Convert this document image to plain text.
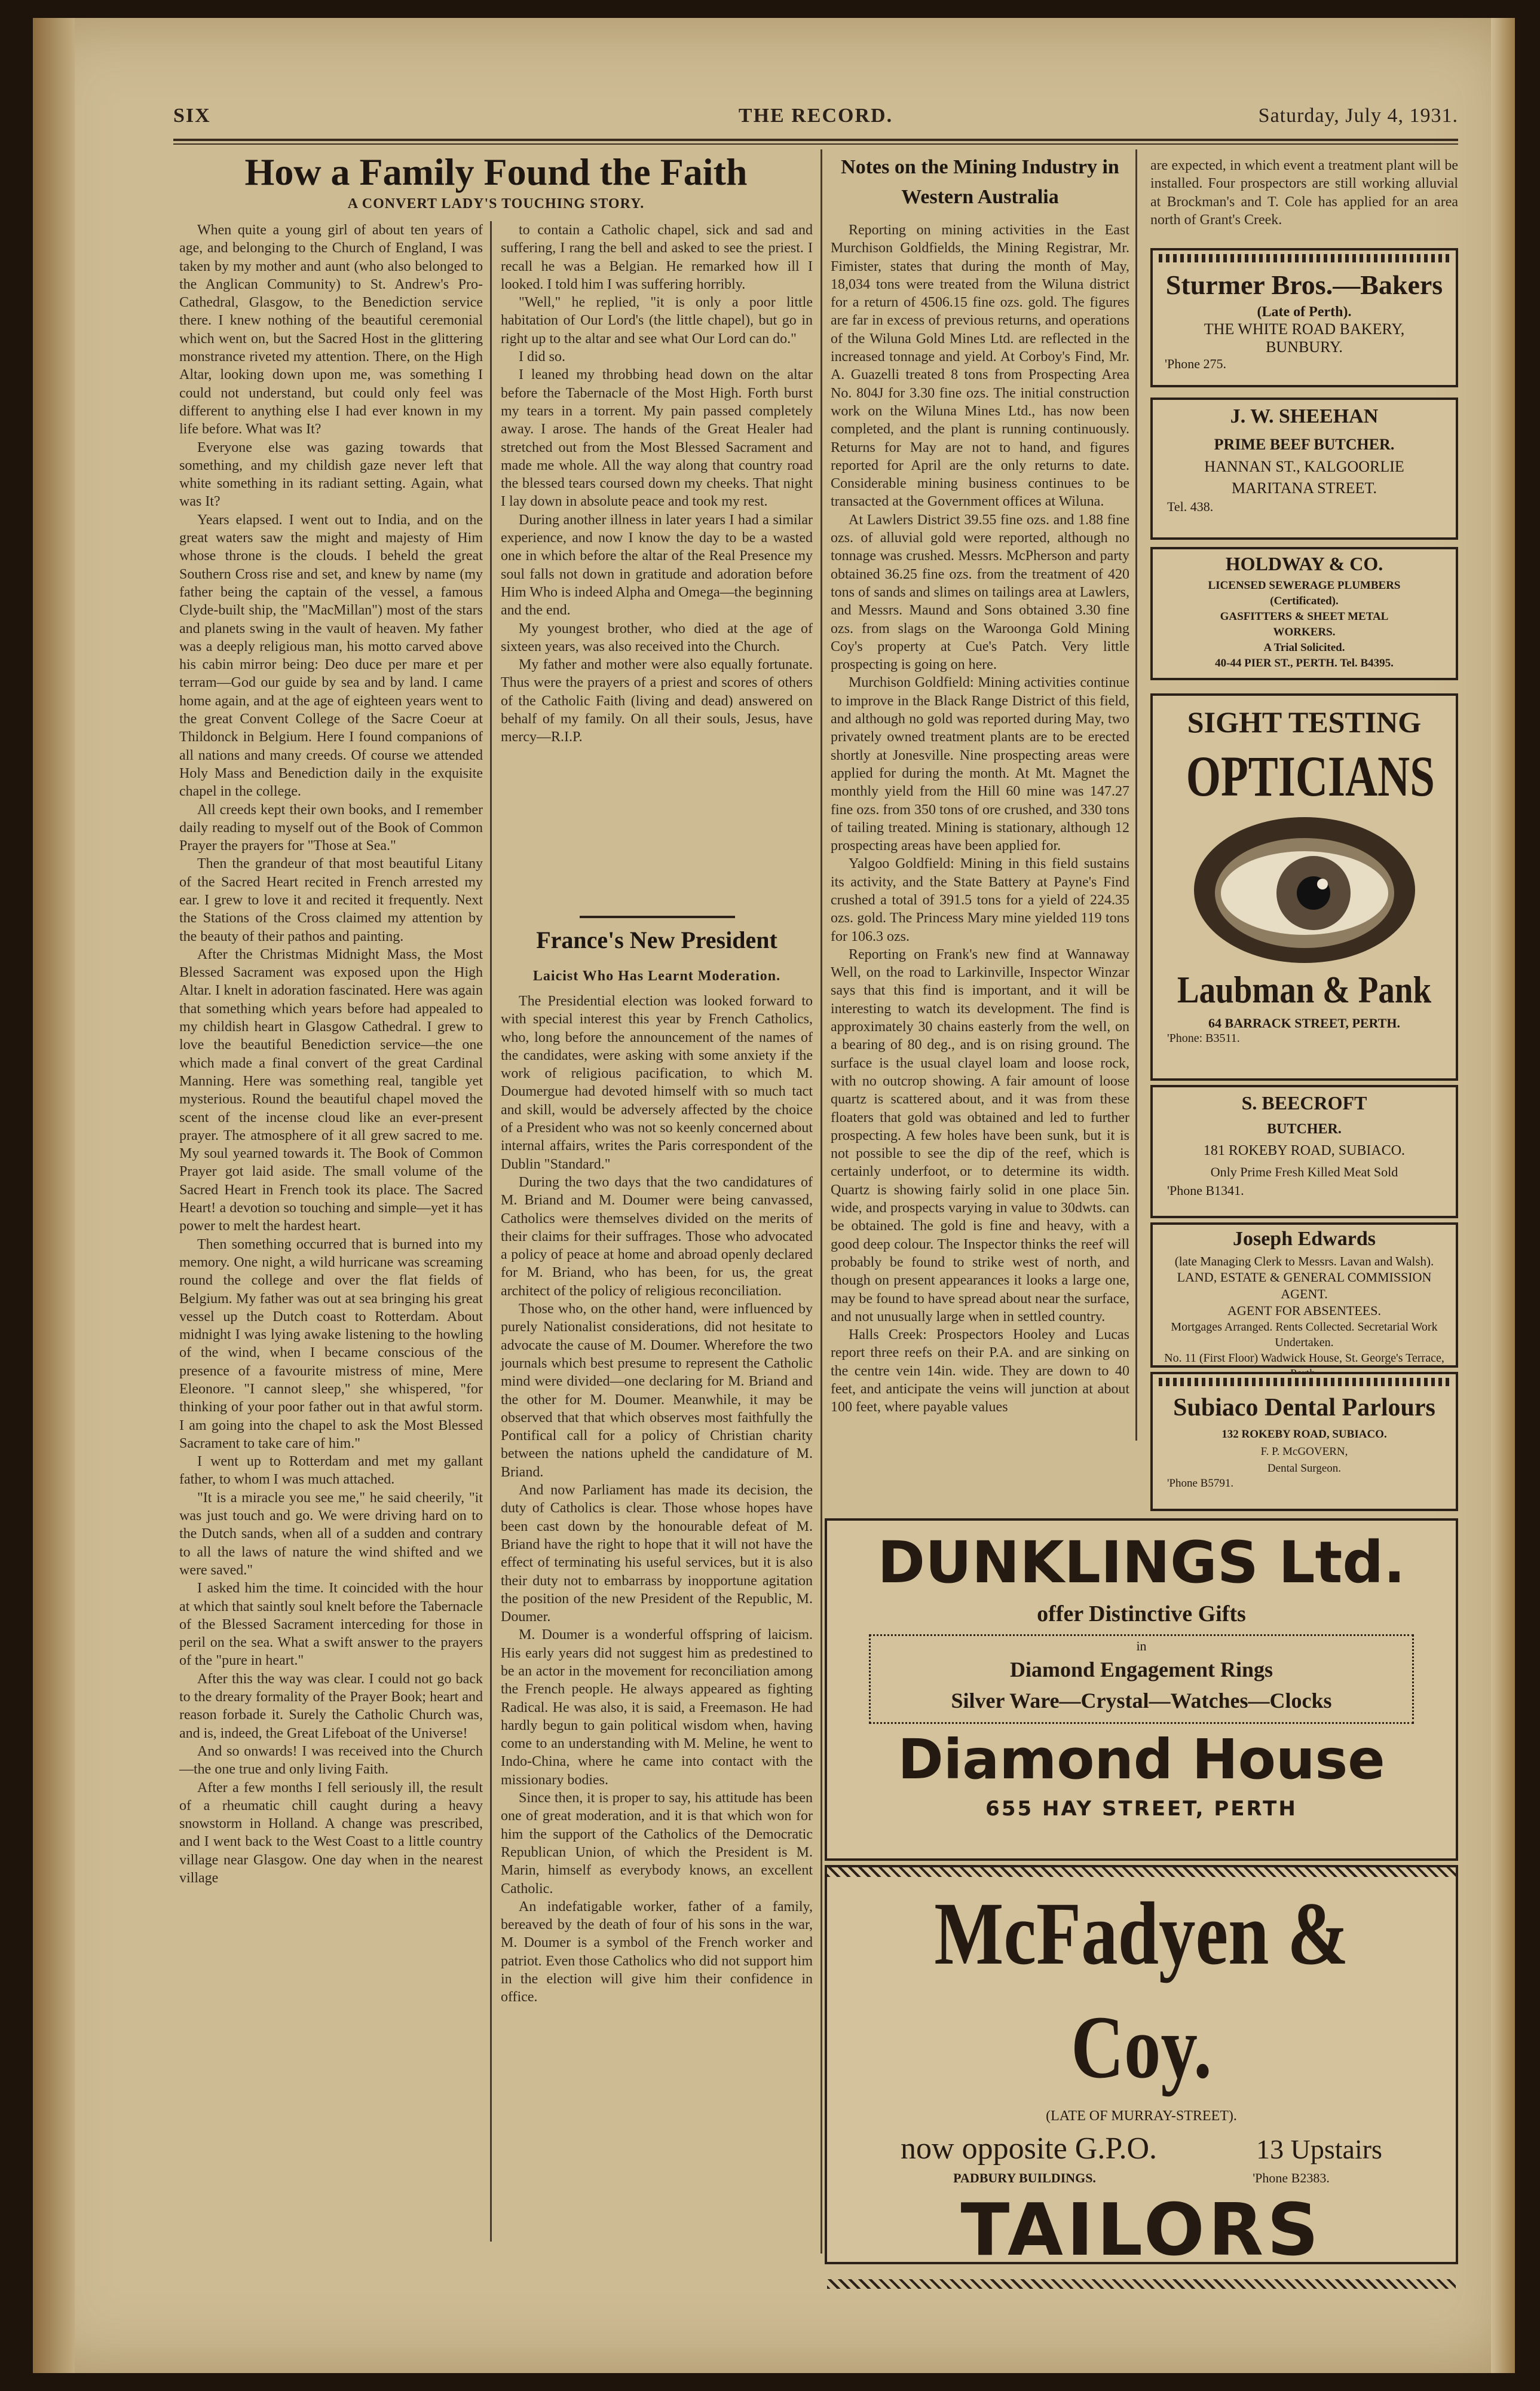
SIX	THE RECORD.	Saturday, July 4, 1931.
How a Family Found the Faith
A CONVERT LADY'S TOUCHING STORY.

When quite a young girl of about ten years of age, and belonging to the Church of England, I was taken by my mother and aunt (who also belonged to the Anglican Community) to St. Andrew's Pro-Cathedral, Glasgow, to the Benediction service there. I knew nothing of the beautiful ceremonial which went on, but the Sacred Host in the glittering monstrance riveted my attention. There, on the High Altar, looking down upon me, was something I could not understand, but could only feel was different to anything else I had ever known in my life before. What was It?

Everyone else was gazing towards that something, and my childish gaze never left that white something in its radiant setting. Again, what was It?

Years elapsed. I went out to India, and on the great waters saw the might and majesty of Him whose throne is the clouds. I beheld the great Southern Cross rise and set, and knew by name (my father being the captain of the vessel, a famous Clyde-built ship, the "MacMillan") most of the stars and planets swing in the vault of heaven. My father was a deeply religious man, his motto carved above his cabin mirror being: Deo duce per mare et per terram—God our guide by sea and by land. I came home again, and at the age of eighteen years went to the great Convent College of the Sacre Coeur at Thildonck in Belgium. Here I found companions of all nations and many creeds. Of course we attended Holy Mass and Benediction daily in the exquisite chapel in the college.

All creeds kept their own books, and I remember daily reading to myself out of the Book of Common Prayer the prayers for "Those at Sea."

Then the grandeur of that most beautiful Litany of the Sacred Heart recited in French arrested my ear. I grew to love it and recited it frequently. Next the Stations of the Cross claimed my attention by the beauty of their pathos and painting.

After the Christmas Midnight Mass, the Most Blessed Sacrament was exposed upon the High Altar. I knelt in adoration fascinated. Here was again that something which years before had appealed to my childish heart in Glasgow Cathedral. I grew to love the beautiful Benediction service—the one which made a final convert of the great Cardinal Manning. Here was something real, tangible yet mysterious. Round the beautiful chapel moved the scent of the incense cloud like an ever-present prayer. The atmosphere of it all grew sacred to me. My soul yearned towards it. The Book of Common Prayer got laid aside. The small volume of the Sacred Heart in French took its place. The Sacred Heart! a devotion so touching and simple—yet it has power to melt the hardest heart.

Then something occurred that is burned into my memory. One night, a wild hurricane was screaming round the college and over the flat fields of Belgium. My father was out at sea bringing his great vessel up the Dutch coast to Rotterdam. About midnight I was lying awake listening to the howling of the wind, when I became conscious of the presence of a favourite mistress of mine, Mere Eleonore. "I cannot sleep," she whispered, "for thinking of your poor father out in that awful storm. I am going into the chapel to ask the Most Blessed Sacrament to take care of him."

I went up to Rotterdam and met my gallant father, to whom I was much attached.

"It is a miracle you see me," he said cheerily, "it was just touch and go. We were driving hard on to the Dutch sands, when all of a sudden and contrary to all the laws of nature the wind shifted and we were saved."

I asked him the time. It coincided with the hour at which that saintly soul knelt before the Tabernacle of the Blessed Sacrament interceding for those in peril on the sea. What a swift answer to the prayers of the "pure in heart."

After this the way was clear. I could not go back to the dreary formality of the Prayer Book; heart and reason forbade it. Surely the Catholic Church was, and is, indeed, the Great Lifeboat of the Universe!

And so onwards! I was received into the Church—the one true and only living Faith.

After a few months I fell seriously ill, the result of a rheumatic chill caught during a heavy snowstorm in Holland. A change was prescribed, and I went back to the West Coast to a little country village near Glasgow. One day when in the nearest village

to contain a Catholic chapel, sick and sad and suffering, I rang the bell and asked to see the priest. I recall he was a Belgian. He remarked how ill I looked. I told him I was suffering horribly.

"Well," he replied, "it is only a poor little habitation of Our Lord's (the little chapel), but go in right up to the altar and see what Our Lord can do."

I did so.

I leaned my throbbing head down on the altar before the Tabernacle of the Most High. Forth burst my tears in a torrent. My pain passed completely away. I arose. The hands of the Great Healer had stretched out from the Most Blessed Sacrament and made me whole. All the way along that country road the blessed tears coursed down my cheeks. That night I lay down in absolute peace and took my rest.

During another illness in later years I had a similar experience, and now I know the day to be a wasted one in which before the altar of the Real Presence my soul falls not down in gratitude and adoration before Him Who is indeed Alpha and Omega—the beginning and the end.

My youngest brother, who died at the age of sixteen years, was also received into the Church.

My father and mother were also equally fortunate. Thus were the prayers of a priest and scores of others of the Catholic Faith (living and dead) answered on behalf of my family. On all their souls, Jesus, have mercy—R.I.P.

France's New President
Laicist Who Has Learnt Moderation.

The Presidential election was looked forward to with special interest this year by French Catholics, who, long before the announcement of the names of the candidates, were asking with some anxiety if the work of religious pacification, to which M. Doumergue had devoted himself with so much tact and skill, would be adversely affected by the choice of a President who was not so keenly concerned about internal affairs, writes the Paris correspondent of the Dublin "Standard."

During the two days that the two candidatures of M. Briand and M. Doumer were being canvassed, Catholics were themselves divided on the merits of their claims for their suffrages. Those who advocated a policy of peace at home and abroad openly declared for M. Briand, who has been, for us, the great architect of the policy of religious reconciliation.

Those who, on the other hand, were influenced by purely Nationalist considerations, did not hesitate to advocate the cause of M. Doumer. Wherefore the two journals which best presume to represent the Catholic mind were divided—one declaring for M. Briand and the other for M. Doumer. Meanwhile, it may be observed that that which observes most faithfully the Pontifical call for a policy of Christian charity between the nations upheld the candidature of M. Briand.

And now Parliament has made its decision, the duty of Catholics is clear. Those whose hopes have been cast down by the honourable defeat of M. Briand have the right to hope that it will not have the effect of terminating his useful services, but it is also their duty not to embarrass by inopportune agitation the position of the new President of the Republic, M. Doumer.

M. Doumer is a wonderful offspring of laicism. His early years did not suggest him as predestined to be an actor in the movement for reconciliation among the French people. He always appeared as fighting Radical. He was also, it is said, a Freemason. He had hardly begun to gain political wisdom when, having come to an understanding with M. Meline, he went to Indo-China, where he came into contact with the missionary bodies.

Since then, it is proper to say, his attitude has been one of great moderation, and it is that which won for him the support of the Catholics of the Democratic Republican Union, of which the President is M. Marin, himself as everybody knows, an excellent Catholic.

An indefatigable worker, father of a family, bereaved by the death of four of his sons in the war, M. Doumer is a symbol of the French worker and patriot. Even those Catholics who did not support him in the election will give him their confidence in office.

Notes on the Mining Industry in
Western Australia

Reporting on mining activities in the East Murchison Goldfields, the Mining Registrar, Mr. Fimister, states that during the month of May, 18,034 tons were treated from the Wiluna district for a return of 4506.15 fine ozs. gold. The figures are far in excess of previous returns, and operations of the Wiluna Gold Mines Ltd. are reflected in the increased tonnage and yield. At Corboy's Find, Mr. A. Guazelli treated 8 tons from Prospecting Area No. 804J for 3.30 fine ozs. The initial construction work on the Wiluna Mines Ltd., has now been completed, and the plant is running continuously. Returns for May are not to hand, and figures reported for April are the only returns to date. Considerable mining business continues to be transacted at the Government offices at Wiluna.

At Lawlers District 39.55 fine ozs. and 1.88 fine ozs. of alluvial gold were reported, although no tonnage was crushed. Messrs. McPherson and party obtained 36.25 fine ozs. from the treatment of 420 tons of sands and slimes on tailings area at Lawlers, and Messrs. Maund and Sons obtained 3.30 fine ozs. from slags on the Waroonga Gold Mining Coy's property at Cue's Patch. Very little prospecting is going on here.

Murchison Goldfield: Mining activities continue to improve in the Black Range District of this field, and although no gold was reported during May, two privately owned treatment plants are to be erected shortly at Jonesville. Nine prospecting areas were applied for during the month. At Mt. Magnet the monthly yield from the Hill 60 mine was 147.27 fine ozs. from 350 tons of ore crushed, and 330 tons of tailing treated. Mining is stationary, although 12 prospecting areas have been applied for.

Yalgoo Goldfield: Mining in this field sustains its activity, and the State Battery at Payne's Find crushed a total of 391.5 tons for a yield of 224.35 ozs. gold. The Princess Mary mine yielded 119 tons for 106.3 ozs.

Reporting on Frank's new find at Wannaway Well, on the road to Larkinville, Inspector Winzar says that this find is important, and it will be interesting to watch its development. The find is approximately 30 chains easterly from the well, on a bearing of 80 deg., and is on rising ground. The surface is the usual clayel loam and loose rock, with no outcrop showing. A fair amount of loose quartz is scattered about, and it was from these floaters that gold was obtained and led to further prospecting. A few holes have been sunk, but it is not possible to see the dip of the reef, which is certainly underfoot, or to determine its width. Quartz is showing fairly solid in one place 5in. wide, and prospects varying in value to 30dwts. can be obtained. The gold is fine and heavy, with a good deep colour. The Inspector thinks the reef will probably be found to strike west of north, and though on present appearances it looks a large one, may be found to have spread about near the surface, and not unusually large when in settled country.

Halls Creek: Prospectors Hooley and Lucas report three reefs on their P.A. and are sinking on the centre vein 14in. wide. They are down to 40 feet, and anticipate the veins will junction at about 100 feet, where payable values

are expected, in which event a treatment plant will be installed. Four prospectors are still working alluvial at Brockman's and T. Cole has applied for an area north of Grant's Creek.
Sturmer Bros.—Bakers
(Late of Perth).
THE WHITE ROAD BAKERY,
BUNBURY.
'Phone 275.
J. W. SHEEHAN
PRIME BEEF BUTCHER.
HANNAN ST., KALGOORLIE
MARITANA STREET.
Tel. 438.
HOLDWAY & CO.
LICENSED SEWERAGE PLUMBERS
(Certificated).
GASFITTERS & SHEET METAL
WORKERS.
A Trial Solicited.
40-44 PIER ST., PERTH. Tel. B4395.
SIGHT TESTING
OPTICIANS
Laubman & Pank
64 BARRACK STREET, PERTH.
'Phone: B3511.
S. BEECROFT
BUTCHER.
181 ROKEBY ROAD, SUBIACO.
Only Prime Fresh Killed Meat Sold
'Phone B1341.
Joseph Edwards
(late Managing Clerk to Messrs. Lavan and Walsh).
LAND, ESTATE & GENERAL COMMISSION AGENT.
AGENT FOR ABSENTEES.
Mortgages Arranged. Rents Collected. Secretarial Work Undertaken.
No. 11 (First Floor) Wadwick House, St. George's Terrace,
Subiaco Dental Parlours
132 ROKEBY ROAD, SUBIACO.
F. P. McGOVERN,
Dental Surgeon.
'Phone B5791.
DUNKLINGS Ltd.
offer Distinctive Gifts
in
Diamond Engagement Rings
Silver Ware—Crystal—Watches—Clocks
Diamond House
655 HAY STREET, PERTH
McFadyen & Coy.
(LATE OF MURRAY-STREET).
now opposite G.P.O.	13 Upstairs
PADBURY BUILDINGS.	'Phone B2383.
TAILORS
